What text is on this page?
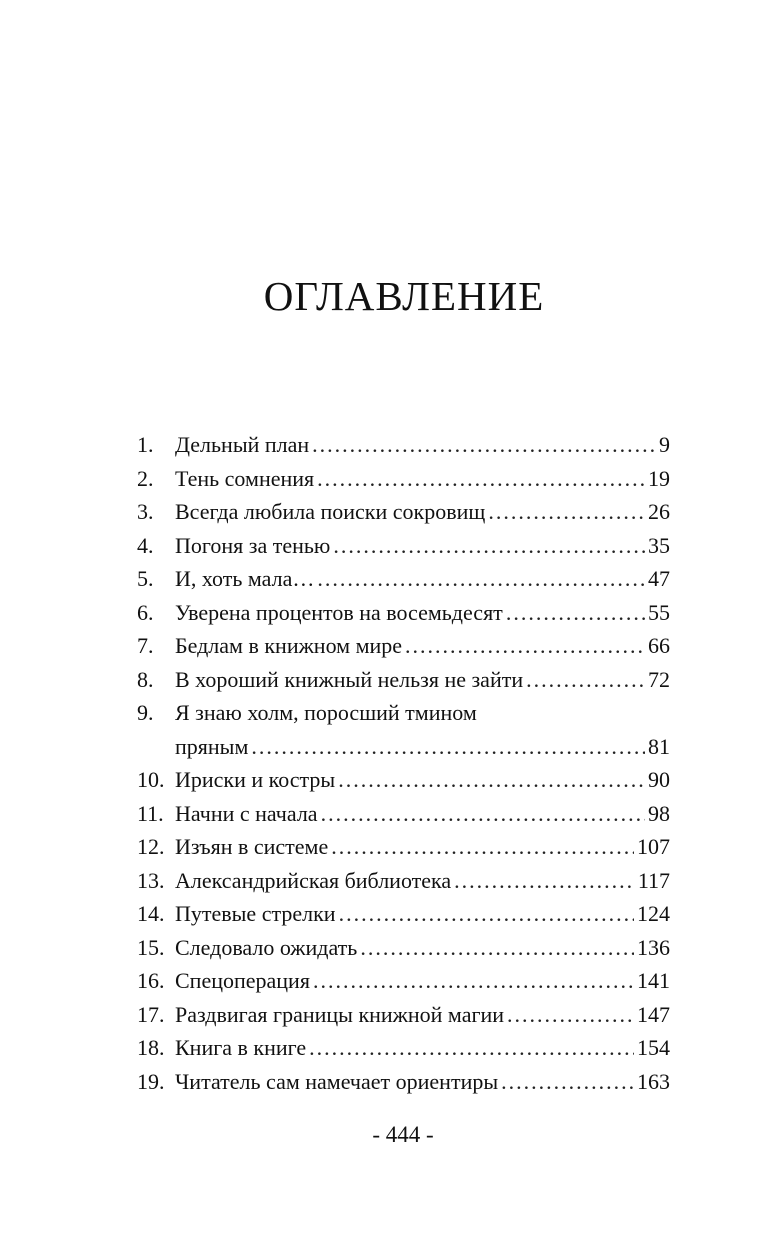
ОГЛАВЛЕНИЕ
1. Дельный план .....	9
2. Тень сомнения .....	19
3. Всегда любила поиски сокровищ .....	26
4. Погоня за тенью .....	35
5. И, хоть мала… .....	47
6. Уверена процентов на восемьдесят .....	55
7. Бедлам в книжном мире .....	66
8. В хороший книжный нельзя не зайти .....	72
9. Я знаю холм, поросший тмином
пряным .....	81
10. Ириски и костры .....	90
11. Начни с начала .....	98
12. Изъян в системе .....	107
13. Александрийская библиотека .....	117
14. Путевые стрелки .....	124
15. Следовало ожидать .....	136
16. Спецоперация .....	141
17. Раздвигая границы книжной магии .....	147
18. Книга в книге .....	154
19. Читатель сам намечает ориентиры .....	163
- 444 -
